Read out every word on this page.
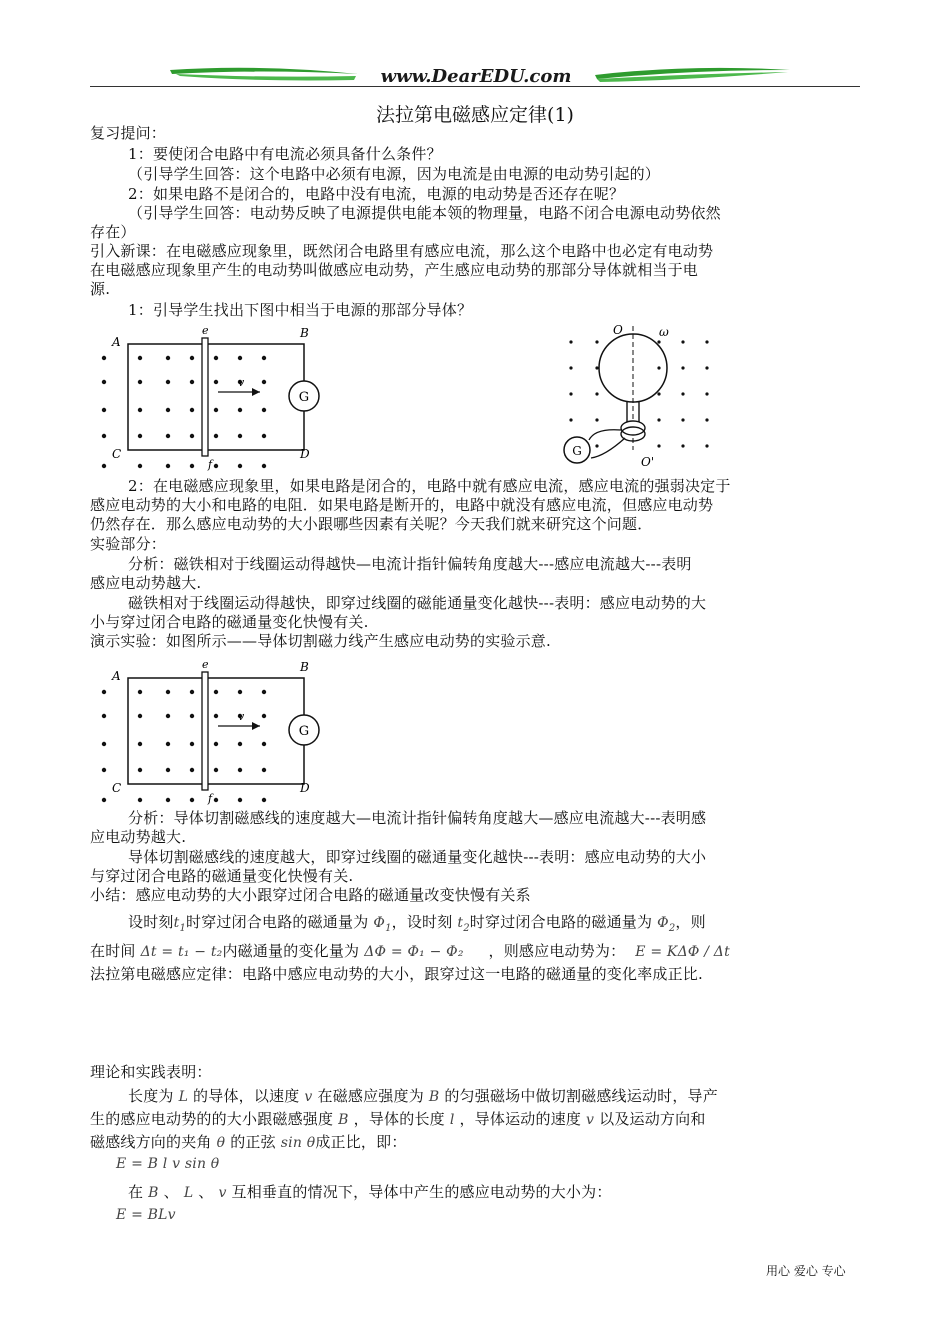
www.DearEDU.com
法拉第电磁感应定律(1)
复习提问：
1：要使闭合电路中有电流必须具备什么条件？
（引导学生回答：这个电路中必须有电源，因为电流是由电源的电动势引起的）
2：如果电路不是闭合的，电路中没有电流，电源的电动势是否还存在呢？
（引导学生回答：电动势反映了电源提供电能本领的物理量，电路不闭合电源电动势依然
存在）
引入新课：在电磁感应现象里，既然闭合电路里有感应电流，那么这个电路中也必定有电动势
在电磁感应现象里产生的电动势叫做感应电动势，产生感应电动势的那部分导体就相当于电
源.
1：引导学生找出下图中相当于电源的那部分导体？
G
v
A
B
C	D
e
f
G
O	ω
O'
2：在电磁感应现象里，如果电路是闭合的，电路中就有感应电流，感应电流的强弱决定于
感应电动势的大小和电路的电阻．如果电路是断开的，电路中就没有感应电流，但感应电动势
仍然存在．那么感应电动势的大小跟哪些因素有关呢？今天我们就来研究这个问题．
实验部分：
分析：磁铁相对于线圈运动得越快—电流计指针偏转角度越大---感应电流越大---表明
感应电动势越大.
磁铁相对于线圈运动得越快，即穿过线圈的磁能通量变化越快---表明：感应电动势的大
小与穿过闭合电路的磁通量变化快慢有关.
演示实验：如图所示——导体切割磁力线产生感应电动势的实验示意.
G
v
A
B
C	D
e
f
分析：导体切割磁感线的速度越大—电流计指针偏转角度越大—感应电流越大---表明感
应电动势越大.
导体切割磁感线的速度越大，即穿过线圈的磁通量变化越快---表明：感应电动势的大小
与穿过闭合电路的磁通量变化快慢有关.
小结：感应电动势的大小跟穿过闭合电路的磁通量改变快慢有关系
设时刻$t_1$时穿过闭合电路的磁通量为 $\Phi_1$，设时刻 $t_2$时穿过闭合电路的磁通量为 $\Phi_2$，则
在时间 Δt = t₁ − t₂内磁通量的变化量为 ΔΦ = Φ₁ − Φ₂ ，则感应电动势为： E = KΔΦ / Δt
法拉第电磁感应定律：电路中感应电动势的大小，跟穿过这一电路的磁通量的变化率成正比.
理论和实践表明：
长度为 L 的导体，以速度 v 在磁感应强度为 B 的匀强磁场中做切割磁感线运动时，导产
生的感应电动势的的大小跟磁感强度 B ，导体的长度 l ，导体运动的速度 v 以及运动方向和
磁感线方向的夹角 θ 的正弦 sin θ成正比，即：
E = B l v sin θ
在 B 、 L 、 v 互相垂直的情况下，导体中产生的感应电动势的大小为：
E = BLv
用心 爱心 专心
